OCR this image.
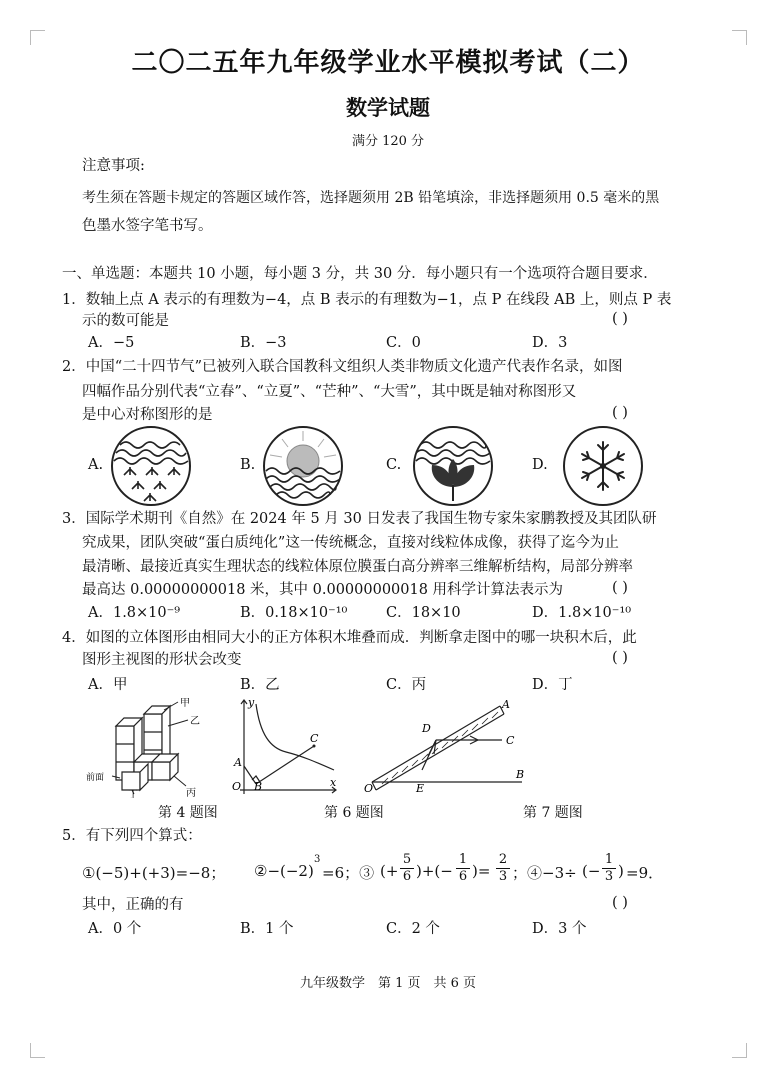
二〇二五年九年级学业水平模拟考试（二）
数学试题
满分 120 分
注意事项:
考生须在答题卡规定的答题区域作答，选择题须用 2B 铅笔填涂，非选择题须用 0.5 毫米的黑
色墨水签字笔书写。
一、单选题：本题共 10 小题，每小题 3 分，共 30 分．每小题只有一个选项符合题目要求．
1．数轴上点 A 表示的有理数为−4，点 B 表示的有理数为−1，点 P 在线段 AB 上，则点 P 表
示的数可能是	( )
A．−5	B．−3	C．0	D．3
2．中国“二十四节气”已被列入联合国教科文组织人类非物质文化遗产代表作名录，如图
四幅作品分别代表“立春”、“立夏”、“芒种”、“大雪”，其中既是轴对称图形又
是中心对称图形的是	( )
A.	B.	C.	D.
3．国际学术期刊《自然》在 2024 年 5 月 30 日发表了我国生物专家朱家鹏教授及其团队研
究成果，团队突破“蛋白质纯化”这一传统概念，直接对线粒体成像，获得了迄今为止
最清晰、最接近真实生理状态的线粒体原位膜蛋白高分辨率三维解析结构，局部分辨率
最高达 0.00000000018 米，其中 0.00000000018 用科学计算法表示为	( )
A．1.8×10⁻⁹	B．0.18×10⁻¹⁰	C．18×10	D．1.8×10⁻¹⁰
4．如图的立体图形由相同大小的正方体积木堆叠而成．判断拿走图中的哪一块积木后，此
图形主视图的形状会改变	( )
A．甲	B．乙	C．丙	D．丁
甲
乙
丙
丁
前面
y
x
O
A
B
C
A
B
C
D
E
O
第 4 题图	第 6 题图	第 7 题图
5．有下列四个算式：
①(−5)+(+3)=−8； ②−(−2)
3
=6；③ (+
5
6 )+(−
1
6 )=
2
3 ；④−3÷ (−
1
3 ) =9．
其中，正确的有	( )
A．0 个	B．1 个	C．2 个	D．3 个
九年级数学　第 1 页　共 6 页
